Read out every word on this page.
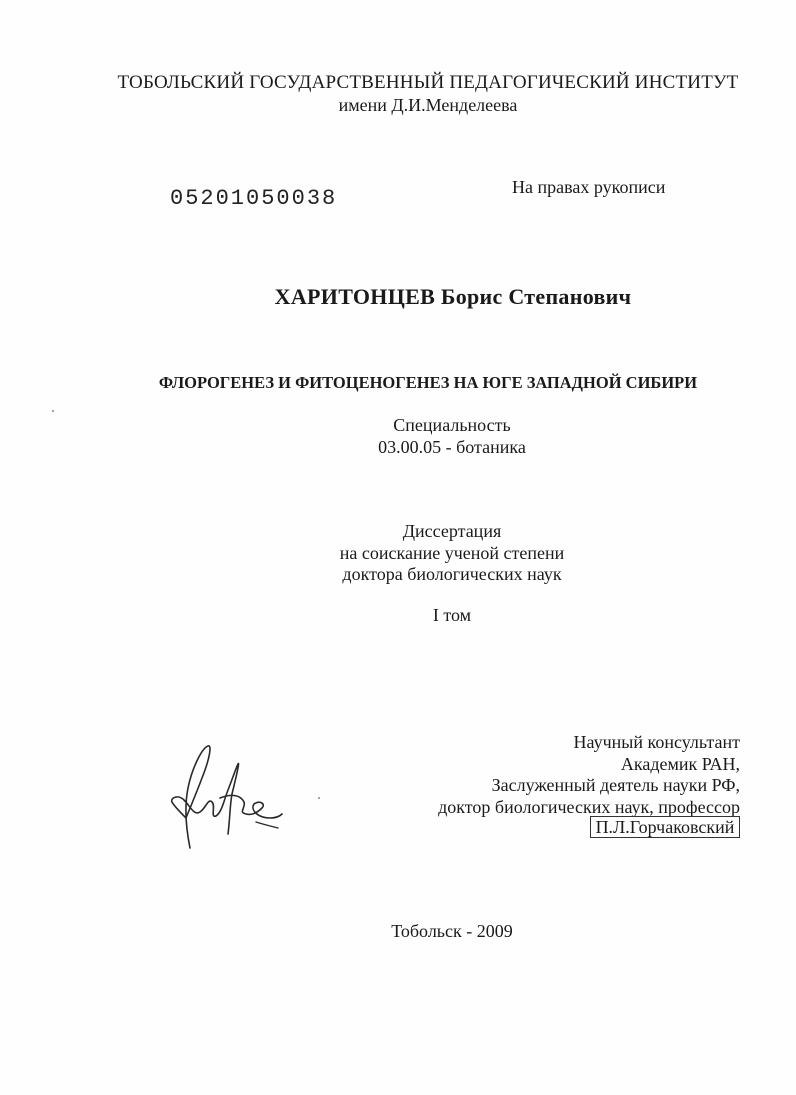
ТОБОЛЬСКИЙ ГОСУДАРСТВЕННЫЙ ПЕДАГОГИЧЕСКИЙ ИНСТИТУТ
имени Д.И.Менделеева
05201050038	На правах рукописи
ХАРИТОНЦЕВ Борис Степанович
ФЛОРОГЕНЕЗ И ФИТОЦЕНОГЕНЕЗ НА ЮГЕ ЗАПАДНОЙ СИБИРИ
Специальность
03.00.05 - ботаника
Диссертация
на соискание ученой степени
доктора биологических наук
I том
Научный консультант
Академик РАН,
Заслуженный деятель науки РФ,
доктор биологических наук, профессор
П.Л.Горчаковский
Тобольск - 2009
